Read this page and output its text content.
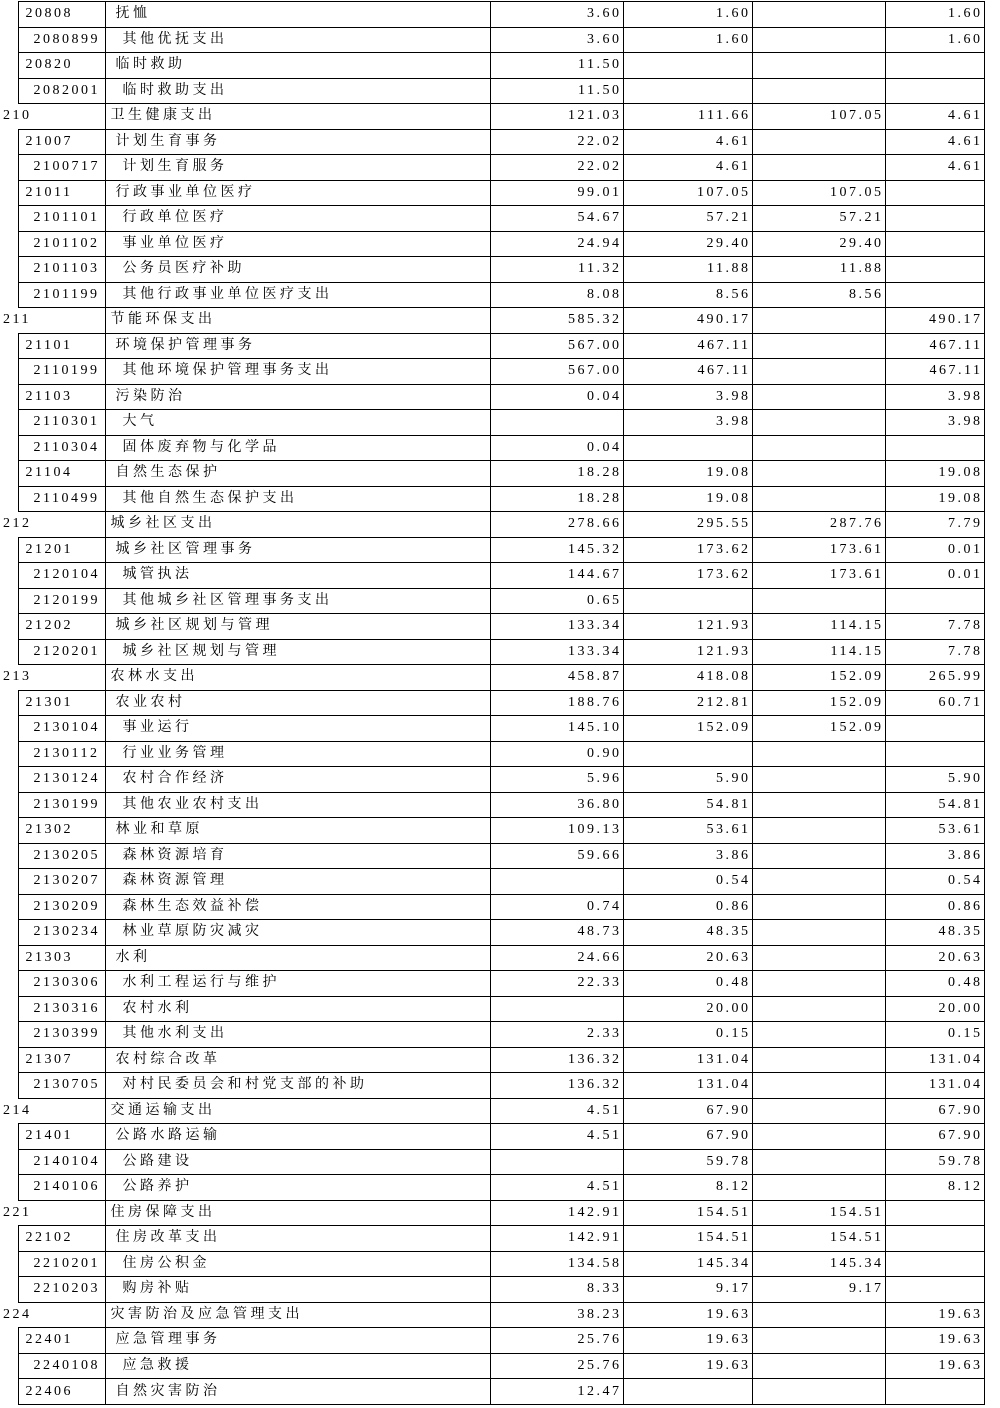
	20808	抚恤	3.60	1.60		1.60
	2080899	其他优抚支出	3.60	1.60		1.60
	20820	临时救助	11.50			
	2082001	临时救助支出	11.50			
	210	卫生健康支出	121.03	111.66	107.05	4.61
	21007	计划生育事务	22.02	4.61		4.61
	2100717	计划生育服务	22.02	4.61		4.61
	21011	行政事业单位医疗	99.01	107.05	107.05	
	2101101	行政单位医疗	54.67	57.21	57.21	
	2101102	事业单位医疗	24.94	29.40	29.40	
	2101103	公务员医疗补助	11.32	11.88	11.88	
	2101199	其他行政事业单位医疗支出	8.08	8.56	8.56	
	211	节能环保支出	585.32	490.17		490.17
	21101	环境保护管理事务	567.00	467.11		467.11
	2110199	其他环境保护管理事务支出	567.00	467.11		467.11
	21103	污染防治	0.04	3.98		3.98
	2110301	大气		3.98		3.98
	2110304	固体废弃物与化学品	0.04			
	21104	自然生态保护	18.28	19.08		19.08
	2110499	其他自然生态保护支出	18.28	19.08		19.08
	212	城乡社区支出	278.66	295.55	287.76	7.79
	21201	城乡社区管理事务	145.32	173.62	173.61	0.01
	2120104	城管执法	144.67	173.62	173.61	0.01
	2120199	其他城乡社区管理事务支出	0.65			
	21202	城乡社区规划与管理	133.34	121.93	114.15	7.78
	2120201	城乡社区规划与管理	133.34	121.93	114.15	7.78
	213	农林水支出	458.87	418.08	152.09	265.99
	21301	农业农村	188.76	212.81	152.09	60.71
	2130104	事业运行	145.10	152.09	152.09	
	2130112	行业业务管理	0.90			
	2130124	农村合作经济	5.96	5.90		5.90
	2130199	其他农业农村支出	36.80	54.81		54.81
	21302	林业和草原	109.13	53.61		53.61
	2130205	森林资源培育	59.66	3.86		3.86
	2130207	森林资源管理		0.54		0.54
	2130209	森林生态效益补偿	0.74	0.86		0.86
	2130234	林业草原防灾减灾	48.73	48.35		48.35
	21303	水利	24.66	20.63		20.63
	2130306	水利工程运行与维护	22.33	0.48		0.48
	2130316	农村水利		20.00		20.00
	2130399	其他水利支出	2.33	0.15		0.15
	21307	农村综合改革	136.32	131.04		131.04
	2130705	对村民委员会和村党支部的补助	136.32	131.04		131.04
	214	交通运输支出	4.51	67.90		67.90
	21401	公路水路运输	4.51	67.90		67.90
	2140104	公路建设		59.78		59.78
	2140106	公路养护	4.51	8.12		8.12
	221	住房保障支出	142.91	154.51	154.51	
	22102	住房改革支出	142.91	154.51	154.51	
	2210201	住房公积金	134.58	145.34	145.34	
	2210203	购房补贴	8.33	9.17	9.17	
	224	灾害防治及应急管理支出	38.23	19.63		19.63
	22401	应急管理事务	25.76	19.63		19.63
	2240108	应急救援	25.76	19.63		19.63
	22406	自然灾害防治	12.47			
